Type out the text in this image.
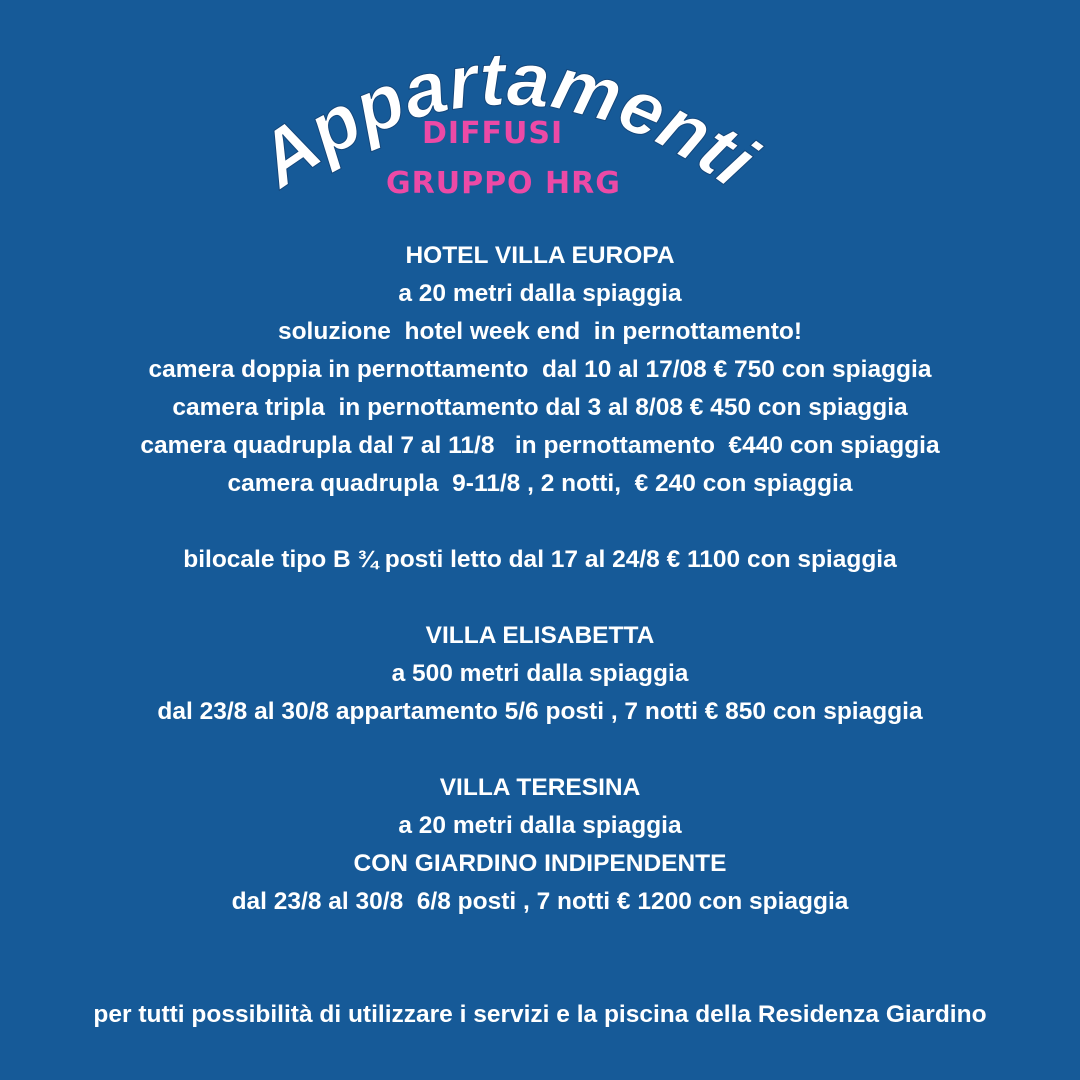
Appartamenti
DIFFUSI
GRUPPO HRG
HOTEL VILLA EUROPA
a 20 metri dalla spiaggia
soluzione  hotel week end  in pernottamento!
camera doppia in pernottamento  dal 10 al 17/08 € 750 con spiaggia
camera tripla  in pernottamento dal 3 al 8/08 € 450 con spiaggia
camera quadrupla dal 7 al 11/8   in pernottamento  €440 con spiaggia
camera quadrupla  9-11/8 , 2 notti,  € 240 con spiaggia
bilocale tipo B ¾ posti letto dal 17 al 24/8 € 1100 con spiaggia
VILLA ELISABETTA
a 500 metri dalla spiaggia
dal 23/8 al 30/8 appartamento 5/6 posti , 7 notti € 850 con spiaggia
VILLA TERESINA
a 20 metri dalla spiaggia
CON GIARDINO INDIPENDENTE
dal 23/8 al 30/8  6/8 posti , 7 notti € 1200 con spiaggia
per tutti possibilità di utilizzare i servizi e la piscina della Residenza Giardino
